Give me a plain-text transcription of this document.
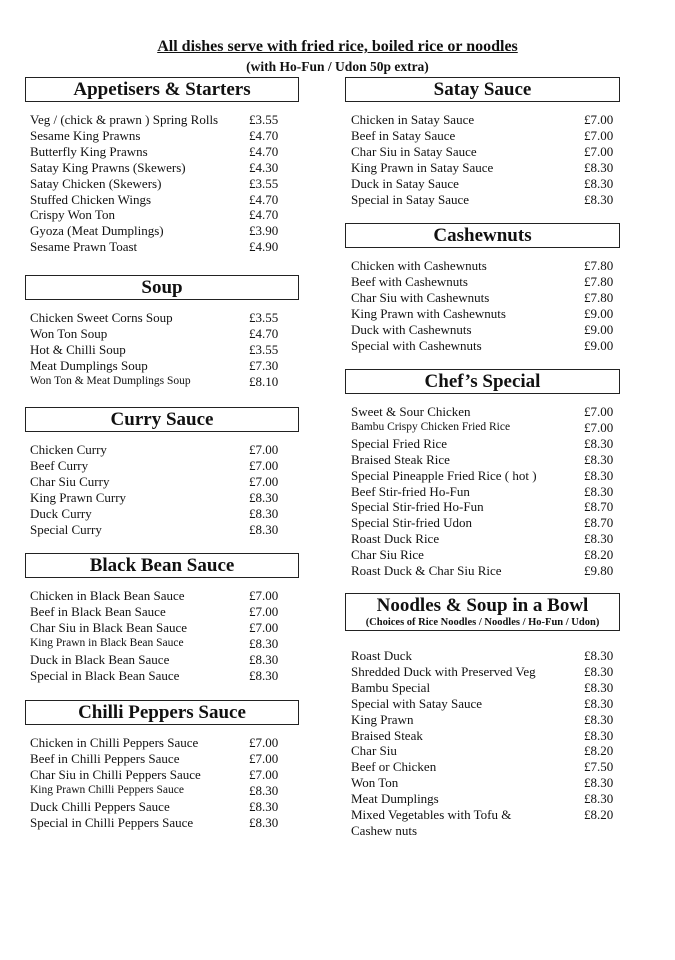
All dishes serve with fried rice, boiled rice or noodles
(with Ho-Fun / Udon 50p extra)
Appetisers & Starters
Veg / (chick & prawn ) Spring Rolls £3.55
Sesame King Prawns	£4.70
Butterfly King Prawns	£4.70
Satay King Prawns (Skewers)	£4.30
Satay Chicken (Skewers)	£3.55
Stuffed Chicken Wings	£4.70
Crispy Won Ton	£4.70
Gyoza (Meat Dumplings)	£3.90
Sesame Prawn Toast	£4.90
Soup
Chicken Sweet Corns Soup	£3.55
Won Ton Soup	£4.70
Hot & Chilli Soup	£3.55
Meat Dumplings Soup	£7.30
Won Ton & Meat Dumplings Soup	£8.10
Curry Sauce
Chicken Curry	£7.00
Beef Curry	£7.00
Char Siu Curry	£7.00
King Prawn Curry	£8.30
Duck Curry	£8.30
Special Curry	£8.30
Black Bean Sauce
Chicken in Black Bean Sauce	£7.00
Beef in Black Bean Sauce	£7.00
Char Siu in Black Bean Sauce	£7.00
King Prawn in Black Bean Sauce	£8.30
Duck in Black Bean Sauce	£8.30
Special in Black Bean Sauce	£8.30
Chilli Peppers Sauce
Chicken in Chilli Peppers Sauce	£7.00
Beef in Chilli Peppers Sauce	£7.00
Char Siu in Chilli Peppers Sauce	£7.00
King Prawn Chilli Peppers Sauce	£8.30
Duck Chilli Peppers Sauce	£8.30
Special in Chilli Peppers Sauce	£8.30
Satay Sauce
Chicken in Satay Sauce	£7.00
Beef in Satay Sauce	£7.00
Char Siu in Satay Sauce	£7.00
King Prawn in Satay Sauce	£8.30
Duck in Satay Sauce	£8.30
Special in Satay Sauce	£8.30
Cashewnuts
Chicken with Cashewnuts	£7.80
Beef with Cashewnuts	£7.80
Char Siu with Cashewnuts	£7.80
King Prawn with Cashewnuts	£9.00
Duck with Cashewnuts	£9.00
Special with Cashewnuts	£9.00
Chef’s Special
Sweet & Sour Chicken	£7.00
Bambu Crispy Chicken Fried Rice	£7.00
Special Fried Rice	£8.30
Braised Steak Rice	£8.30
Special Pineapple Fried Rice ( hot )	£8.30
Beef Stir-fried Ho-Fun	£8.30
Special Stir-fried Ho-Fun	£8.70
Special Stir-fried Udon	£8.70
Roast Duck Rice	£8.30
Char Siu Rice	£8.20
Roast Duck & Char Siu Rice	£9.80
Noodles & Soup in a Bowl
(Choices of Rice Noodles / Noodles / Ho-Fun / Udon)
Roast Duck	£8.30
Shredded Duck with Preserved Veg	£8.30
Bambu Special	£8.30
Special with Satay Sauce	£8.30
King Prawn	£8.30
Braised Steak	£8.30
Char Siu	£8.20
Beef or Chicken	£7.50
Won Ton	£8.30
Meat Dumplings	£8.30
Mixed Vegetables with Tofu & Cashew nuts
£8.20
